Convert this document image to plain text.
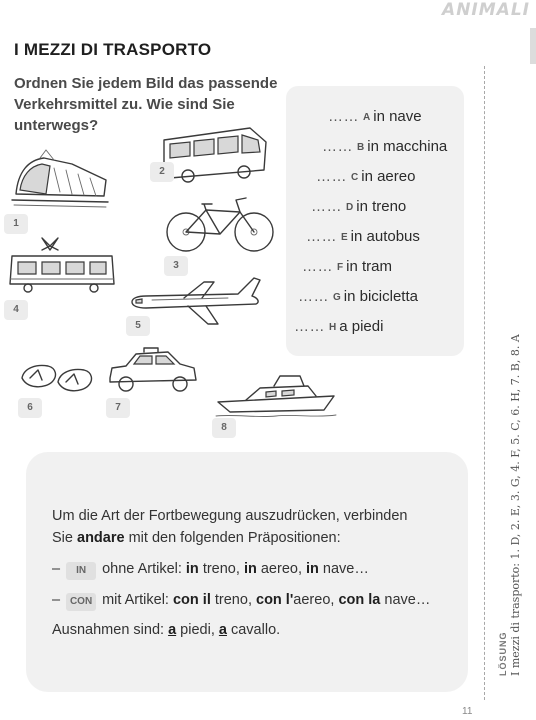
ANIMALI
I MEZZI DI TRASPORTO
Ordnen Sie jedem Bild das passende Verkehrsmittel zu. Wie sind Sie unterwegs?
…… A in nave
…… B in macchina
…… C in aereo
…… D in treno
…… E in autobus
…… F in tram
…… G in bicicletta
…… H a piedi
1
2
3
4
5
6	7
8
Um die Art der Fortbewegung auszudrücken, verbinden
Sie andare mit den folgenden Präpositionen:
– IN ohne Artikel: in treno, in aereo, in nave…
– CON mit Artikel: con il treno, con l'aereo, con la nave…
Ausnahmen sind: a piedi, a cavallo.
LÖSUNG I mezzi di trasporto: 1. D, 2. E, 3. G, 4. F, 5. C, 6. H, 7. B, 8. A
11
